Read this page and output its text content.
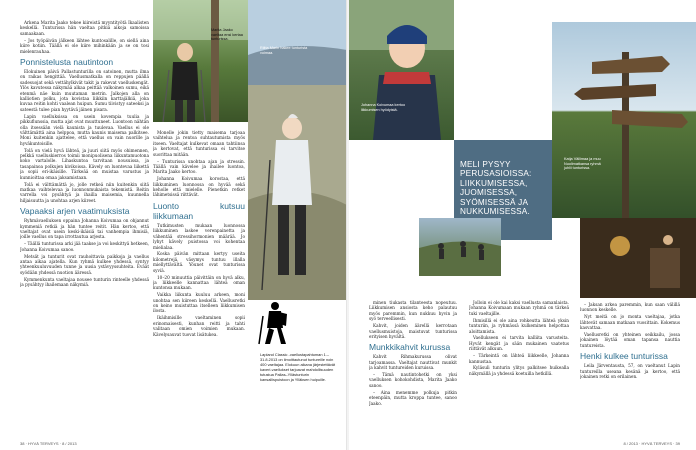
Arkena Marita Jaako tekee kiireistä myyntityötä Ikaalisten keskellä. Tunturissa hän vaeltaa pitkiä aikoja samoissa samaakaan.

– Jos työpäivän jälkeen lähtee kuntosalille, on siellä aina kiire kotiin. Täällä ei ole kiire mihinkään ja se on tosi mielenrauhaa.

Ponnistelusta nautintoon

Elokuinen päivä Pallastunturilla on satoinen, mutta ilma on raikas hengittää. Vaellusmatkalla on reppujen päällä sadesuojat sekä vettähylkivät takit ja rakevat vaelluskengät. Ylös kavutessa näkymää alkaa peittää valkoinen sumu, eikä etenmä näe kuin muutaman metrin. Jalkojen alla on kalliotien polku, jota kovistaa liikkiin karttajälkiä, joka kuvaa reitin kohti vaalean huipun. Sumu tiivistyy sateeksi ja sateestä tulee pian hyytävä jäinen pisara.

Lapin vaelluksissa on usein kovempia tuulia ja pikkuflunssia, mutta ajat ovat muuttuneet. Luontoon nähtän olla itsessään vielä kaunista ja tuulevaa. Vaellus ei ole välttämättä aina helppoa, mutta kaunis maisema palkitsee. Moni kuitenkin ajattelee, että vaellus on vain nuorille ja hyväkuntoisille.

Tolä on vielä hyvä lähteä, ja juuri siitä myös ohimennen, pelkkä vaelluskierros toimii monipuolisena liikuntamuotona koko vartalolle. Lihaskuntoa tarvitaan nousuissa, ja tasapainoa polkujen kivikoissa. Kävely on luontevaa liikettä ja sopii eri-ikäisille. Tärkeää on muistaa varustus ja kunnioittaa omaa jaksamistaan.

Tolä ei välttämättä jo, jolle retkeä niin kuitenkin siitä matkaa vaihtelevaa ja luonnonmukaista tekemistä. Reitin varrella voi pysähtyä ja ihailla maisemia, kuunnella hiljaisuutta ja unohtaa arjen kiireet.

Vapaaksi arjen vaatimuksista

Ryhmävaelluksen oppaina Johanna Koivumaa on ohjannut kymmeniä retkiä ja hän tuntee reitit. Hän kertoo, että vaeltajat ovat usein keski-ikäisiä tai vanhempia ihmisiä, joille vaellus on tapa irrottautua arjesta.

– Täällä tunturissa arki jää taakse ja voi keskittyä hetkeen, Johanna Koivumaa sanoo.

Metsät ja tunturit ovat rauhoittavia paikkoja ja vaellus antaa aikaa ajatella. Kun ryhmä kulkee yhdessä, syntyy yhteenkuuluvuuden tunne ja uusia ystävyyssuhteita. Eväät syödään yhdessä nuotion ääressä.

Kymmenkunta vaeltajaa nousee tunturin rinteelle yhdessä ja pysähtyy ihailemaan näkymiä.

Marita Jaako vaeltaa ensi kertaa tunturissa.
Riitta Marin hakee tunturista voimaa.

Monelle jokin tietty maisema tarjoaa vaihtelua ja rentoa suhtautumista myös itseen. Vaeltajat kulkevat omaan tahtiinsa ja kertovat, että tunturissa ei tarvitse suorittaa mitään.

– Tunturissa unohtaa ajan ja stressin. Täällä vain kävelee ja ihailee luontoa, Marita Jaako kertoo.

Johanna Koivumaa korostaa, että liikkuminen luonnossa on hyvää sekä keholle että mielelle. Pienetkin retket lähimetsissä riittävät.

Luonto kutsuu liikkumaan

Tutkimusten mukaan luonnossa liikkuminen laskee verenpainetta ja vähentää stressihormonien määrää. Jo lyhyt kävely puistossa voi kohentaa mielialaa.

Koska päivän mittaan kertyy useita kilometrejä, väsymys tuntuu illalla miellyttävältä. Yöunet ovat tunturissa syviä.

10–20 minuuttia päivittäin on hyvä alku, ja liikkeelle kannattaa lähteä oman kuntonsa mukaan.

Vaikka liikunta kuuluu arkeen, moni unohtaa sen kiireen keskellä. Vaellusretki on keino muistuttaa itselleen liikkumisen ilosta.

Ikäihmisille vaeltaminen sopii erinomaisesti, kunhan reitti ja tahti valitaan omien voimien mukaan. Kävelysauvat tuovat lisätukea.

Lapland Classic -vaellustapahtuman 1.–31.8.2013 on ilmoittautunut tuntureille noin 400 vaeltajaa. Elokuun aikana järjestettävät kaveri-vaellukset tarjoavat mahdollisuuden tutustua Pallas–Yllästunturin kansallispuistoon ja Ylläksen huipuille.
38 · HYVÄ TERVEYS · 8 / 2013
Johanna Koivumaa kertoo liikkumisen hyödyistä.
Katja Vällimaa ja muu Nuolimatkansa ryhmä juhlii tunturissa.
MELI PYSYY PERUSASIOISSA: LIIKKUMISESSA, JUOMISESSA, SYÖMISESSÄ JA NUKKUMISESSA.

minen tiukasta tilanteesta nopeutuu. Liikkumisen ansiosta keho palautuu myös paremmin, kun nukkuu hyvin ja syö terveellisesti.

Kahvit, joiden äärellä kerrotaan vaellusmuistoja, maistuvat tunturissa erityisen hyvältä.

Munkkikahvit kurussa

Kahvit Rihmakurussa olivat tarjoamassa. Vaeltajat nauttivat munkit ja kahvit tuntureiden kuruissa.

– Tämä nautintohetki on yksi vaelluksen kohokohdista, Marita Jaako sanoo.

– Aina menemme polkuja pitkin eteenpäin, mutta kroppa tuntee, sanoo Jaako.

Jolloin ei ole kai kaksi vaellusta samanlaista. Johanna Koivumaan mukaan ryhmä on tärkeä tuki vaeltajille.

Ihmisillä ei ole aina rohkeutta lähteä yksin tunturiin, ja ryhmässä kulkeminen helpottaa aloittamista.

Vaellukseen ei tarvita kalliita varusteita. Hyvät kengät ja sään mukainen vaatetus riittävät alkuun.

– Tärkeintä on lähteä liikkeelle, Johanna kannustaa.

Kyläsuli tunturin ylitys palkitsee huikealla näkymällä ja yhdessä koetuilla hetkillä.

– Jaksan arkea paremmin, kun saan välillä luonnon keskelle.

Nyt meitä on jo monta vaeltajaa, jotka lähtevät samaan matkaan vuosittain. Kokemus kasvattaa.

Vaellusretki on yhteinen seikkailu, jossa jokainen löytää oman tapansa nauttia tuntureista.

Henki kulkee tunturissa

Leila Järventausta, 57, on vaeltanut Lapin tuntureilla useana kesänä ja kertoo, että jokainen retki on erilainen.

8 / 2013 · HYVÄ TERVEYS · 39
